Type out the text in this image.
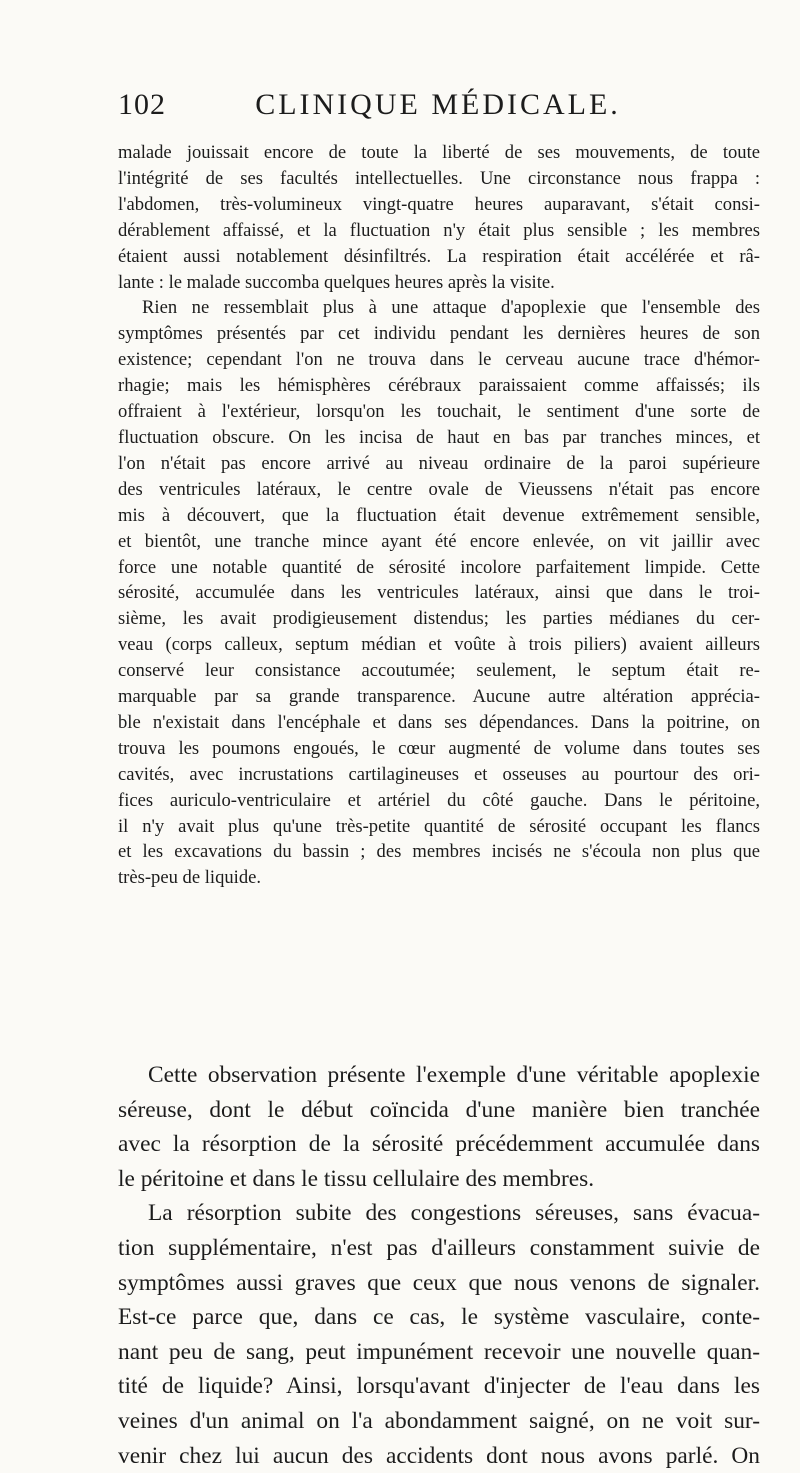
102	CLINIQUE MÉDICALE.
malade jouissait encore de toute la liberté de ses mouvements, de toute
l'intégrité de ses facultés intellectuelles. Une circonstance nous frappa :
l'abdomen, très-volumineux vingt-quatre heures auparavant, s'était consi-
dérablement affaissé, et la fluctuation n'y était plus sensible ; les membres
étaient aussi notablement désinfiltrés. La respiration était accélérée et râ-
lante : le malade succomba quelques heures après la visite.
Rien ne ressemblait plus à une attaque d'apoplexie que l'ensemble des
symptômes présentés par cet individu pendant les dernières heures de son
existence; cependant l'on ne trouva dans le cerveau aucune trace d'hémor-
rhagie; mais les hémisphères cérébraux paraissaient comme affaissés; ils
offraient à l'extérieur, lorsqu'on les touchait, le sentiment d'une sorte de
fluctuation obscure. On les incisa de haut en bas par tranches minces, et
l'on n'était pas encore arrivé au niveau ordinaire de la paroi supérieure
des ventricules latéraux, le centre ovale de Vieussens n'était pas encore
mis à découvert, que la fluctuation était devenue extrêmement sensible,
et bientôt, une tranche mince ayant été encore enlevée, on vit jaillir avec
force une notable quantité de sérosité incolore parfaitement limpide. Cette
sérosité, accumulée dans les ventricules latéraux, ainsi que dans le troi-
sième, les avait prodigieusement distendus; les parties médianes du cer-
veau (corps calleux, septum médian et voûte à trois piliers) avaient ailleurs
conservé leur consistance accoutumée; seulement, le septum était re-
marquable par sa grande transparence. Aucune autre altération apprécia-
ble n'existait dans l'encéphale et dans ses dépendances. Dans la poitrine, on
trouva les poumons engoués, le cœur augmenté de volume dans toutes ses
cavités, avec incrustations cartilagineuses et osseuses au pourtour des ori-
fices auriculo-ventriculaire et artériel du côté gauche. Dans le péritoine,
il n'y avait plus qu'une très-petite quantité de sérosité occupant les flancs
et les excavations du bassin ; des membres incisés ne s'écoula non plus que
très-peu de liquide.
Cette observation présente l'exemple d'une véritable apoplexie
séreuse, dont le début coïncida d'une manière bien tranchée
avec la résorption de la sérosité précédemment accumulée dans
le péritoine et dans le tissu cellulaire des membres.
La résorption subite des congestions séreuses, sans évacua-
tion supplémentaire, n'est pas d'ailleurs constamment suivie de
symptômes aussi graves que ceux que nous venons de signaler.
Est-ce parce que, dans ce cas, le système vasculaire, conte-
nant peu de sang, peut impunément recevoir une nouvelle quan-
tité de liquide? Ainsi, lorsqu'avant d'injecter de l'eau dans les
veines d'un animal on l'a abondamment saigné, on ne voit sur-
venir chez lui aucun des accidents dont nous avons parlé. On
